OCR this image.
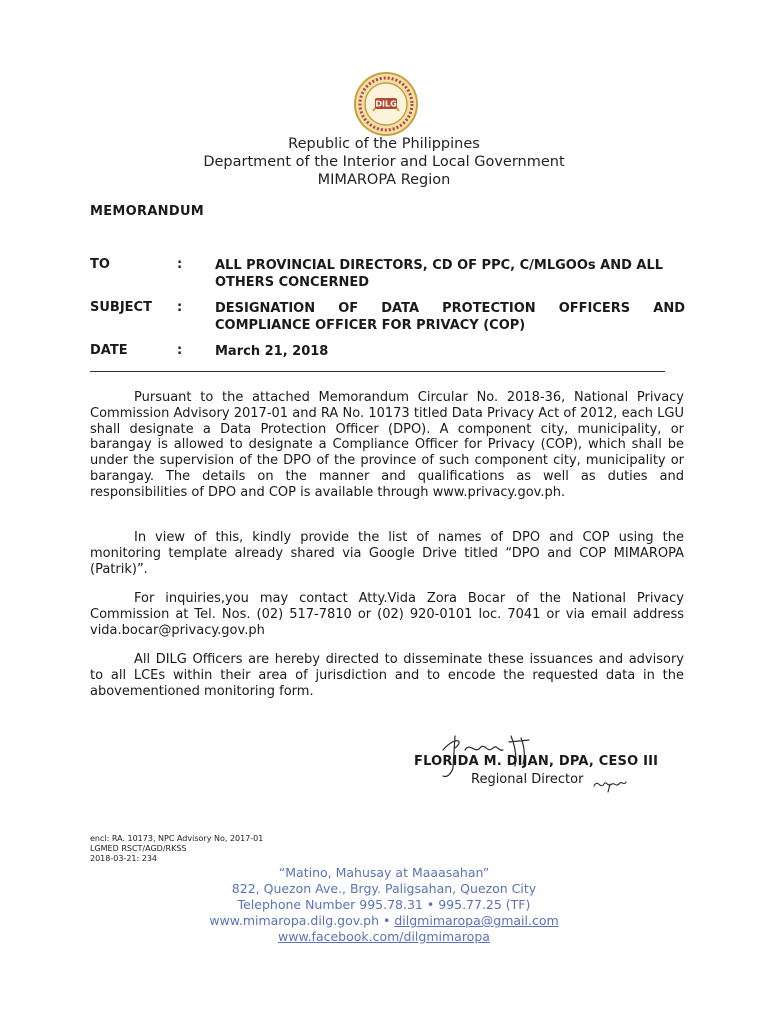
DILG
Republic of the Philippines
Department of the Interior and Local Government
MIMAROPA Region
MEMORANDUM
TO	:	ALL PROVINCIAL DIRECTORS, CD OF PPC, C/MLGOOs AND ALL OTHERS CONCERNED
SUBJECT :	DESIGNATION OF DATA PROTECTION OFFICERS AND COMPLIANCE OFFICER FOR PRIVACY (COP)
DATE	:	March 21, 2018
Pursuant to the attached Memorandum Circular No. 2018-36, National Privacy Commission Advisory 2017-01 and RA No. 10173 titled Data Privacy Act of 2012, each LGU shall designate a Data Protection Officer (DPO). A component city, municipality, or barangay is allowed to designate a Compliance Officer for Privacy (COP), which shall be under the supervision of the DPO of the province of such component city, municipality or barangay. The details on the manner and qualifications as well as duties and responsibilities of DPO and COP is available through www.privacy.gov.ph.
In view of this, kindly provide the list of names of DPO and COP using the monitoring template already shared via Google Drive titled “DPO and COP MIMAROPA (Patrik)”.
For inquiries,you may contact Atty.Vida Zora Bocar of the National Privacy Commission at Tel. Nos. (02) 517-7810 or (02) 920-0101 loc. 7041 or via email address vida.bocar@privacy.gov.ph
All DILG Officers are hereby directed to disseminate these issuances and advisory to all LCEs within their area of jurisdiction and to encode the requested data in the abovementioned monitoring form.
FLORIDA M. DIJAN, DPA, CESO III
Regional Director
encl: RA. 10173, NPC Advisory No, 2017-01
LGMED RSCT/AGD/RKSS
2018-03-21: 234
“Matino, Mahusay at Maaasahan”
822, Quezon Ave., Brgy. Paligsahan, Quezon City
Telephone Number 995.78.31 • 995.77.25 (TF)
www.mimaropa.dilg.gov.ph • dilgmimaropa@gmail.com
www.facebook.com/dilgmimaropa
